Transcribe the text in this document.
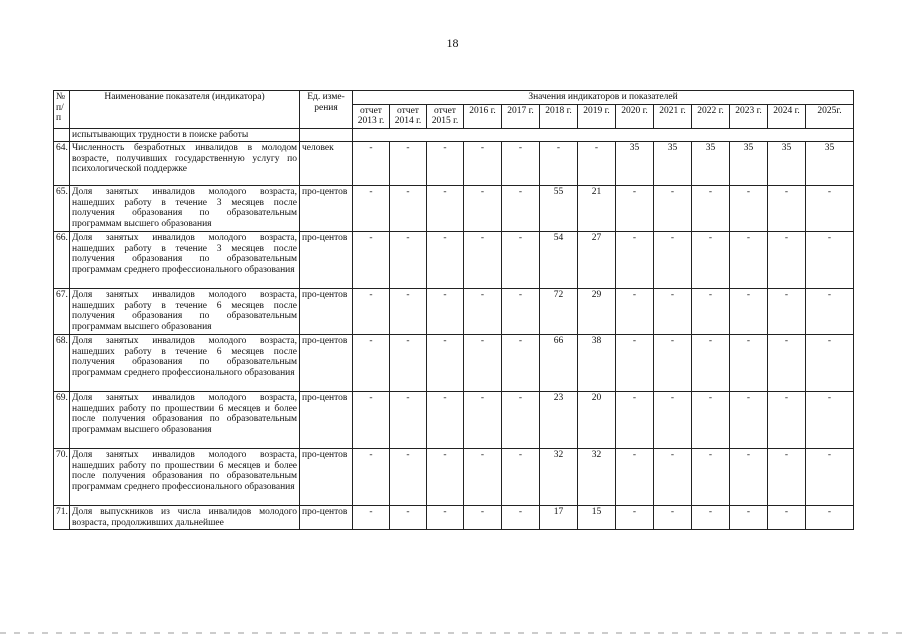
18
№ п/п	Наименование показателя (индикатора)	Ед. изме-рения	Значения индикаторов и показателей												
			отчет 2013 г.	отчет 2014 г.	отчет 2015 г.	2016 г.	2017 г.	2018 г.	2019 г.	2020 г.	2021 г.	2022 г.	2023 г.	2024 г.	2025г.
	испытывающих трудности в поиске работы														
64.	Численность безработных инвалидов в молодом возрасте, получивших государственную услугу по психологической поддержке	человек	-	-	-	-	-	-	-	35	35	35	35	35	35
65.	Доля занятых инвалидов молодого возраста, нашедших работу в течение 3 месяцев после получения образования по образовательным программам высшего образования	про-центов	-	-	-	-	-	55	21	-	-	-	-	-	-
66.	Доля занятых инвалидов молодого возраста, нашедших работу в течение 3 месяцев после получения образования по образовательным программам среднего профессионального образования	про-центов	-	-	-	-	-	54	27	-	-	-	-	-	-
67.	Доля занятых инвалидов молодого возраста, нашедших работу в течение 6 месяцев после получения образования по образовательным программам высшего образования	про-центов	-	-	-	-	-	72	29	-	-	-	-	-	-
68.	Доля занятых инвалидов молодого возраста, нашедших работу в течение 6 месяцев после получения образования по образовательным программам среднего профессионального образования	про-центов	-	-	-	-	-	66	38	-	-	-	-	-	-
69.	Доля занятых инвалидов молодого возраста, нашедших работу по прошествии 6 месяцев и более после получения образования по образовательным программам высшего образования	про-центов	-	-	-	-	-	23	20	-	-	-	-	-	-
70.	Доля занятых инвалидов молодого возраста, нашедших работу по прошествии 6 месяцев и более после получения образования по образовательным программам среднего профессионального образования	про-центов	-	-	-	-	-	32	32	-	-	-	-	-	-
71.	Доля выпускников из числа инвалидов молодого возраста, продолживших дальнейшее	про-центов	-	-	-	-	-	17	15	-	-	-	-	-	-
